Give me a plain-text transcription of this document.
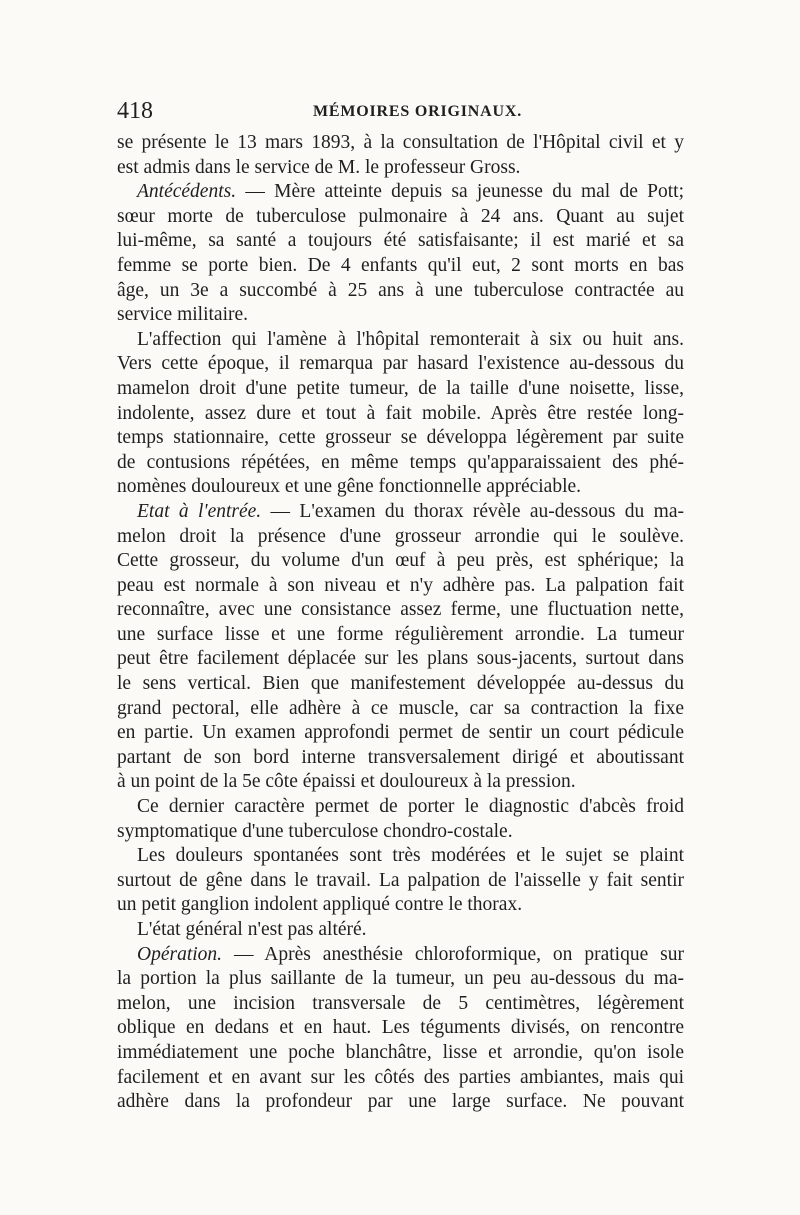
418	MÉMOIRES ORIGINAUX.
se présente le 13 mars 1893, à la consultation de l'Hôpital civil et y
est admis dans le service de M. le professeur Gross.
Antécédents. — Mère atteinte depuis sa jeunesse du mal de Pott;
sœur morte de tuberculose pulmonaire à 24 ans. Quant au sujet
lui-même, sa santé a toujours été satisfaisante; il est marié et sa
femme se porte bien. De 4 enfants qu'il eut, 2 sont morts en bas
âge, un 3e a succombé à 25 ans à une tuberculose contractée au
service militaire.
L'affection qui l'amène à l'hôpital remonterait à six ou huit ans.
Vers cette époque, il remarqua par hasard l'existence au-dessous du
mamelon droit d'une petite tumeur, de la taille d'une noisette, lisse,
indolente, assez dure et tout à fait mobile. Après être restée long-
temps stationnaire, cette grosseur se développa légèrement par suite
de contusions répétées, en même temps qu'apparaissaient des phé-
nomènes douloureux et une gêne fonctionnelle appréciable.
Etat à l'entrée. — L'examen du thorax révèle au-dessous du ma-
melon droit la présence d'une grosseur arrondie qui le soulève.
Cette grosseur, du volume d'un œuf à peu près, est sphérique; la
peau est normale à son niveau et n'y adhère pas. La palpation fait
reconnaître, avec une consistance assez ferme, une fluctuation nette,
une surface lisse et une forme régulièrement arrondie. La tumeur
peut être facilement déplacée sur les plans sous-jacents, surtout dans
le sens vertical. Bien que manifestement développée au-dessus du
grand pectoral, elle adhère à ce muscle, car sa contraction la fixe
en partie. Un examen approfondi permet de sentir un court pédicule
partant de son bord interne transversalement dirigé et aboutissant
à un point de la 5e côte épaissi et douloureux à la pression.
Ce dernier caractère permet de porter le diagnostic d'abcès froid
symptomatique d'une tuberculose chondro-costale.
Les douleurs spontanées sont très modérées et le sujet se plaint
surtout de gêne dans le travail. La palpation de l'aisselle y fait sentir
un petit ganglion indolent appliqué contre le thorax.
L'état général n'est pas altéré.
Opération. — Après anesthésie chloroformique, on pratique sur
la portion la plus saillante de la tumeur, un peu au-dessous du ma-
melon, une incision transversale de 5 centimètres, légèrement
oblique en dedans et en haut. Les téguments divisés, on rencontre
immédiatement une poche blanchâtre, lisse et arrondie, qu'on isole
facilement et en avant sur les côtés des parties ambiantes, mais qui
adhère dans la profondeur par une large surface. Ne pouvant
